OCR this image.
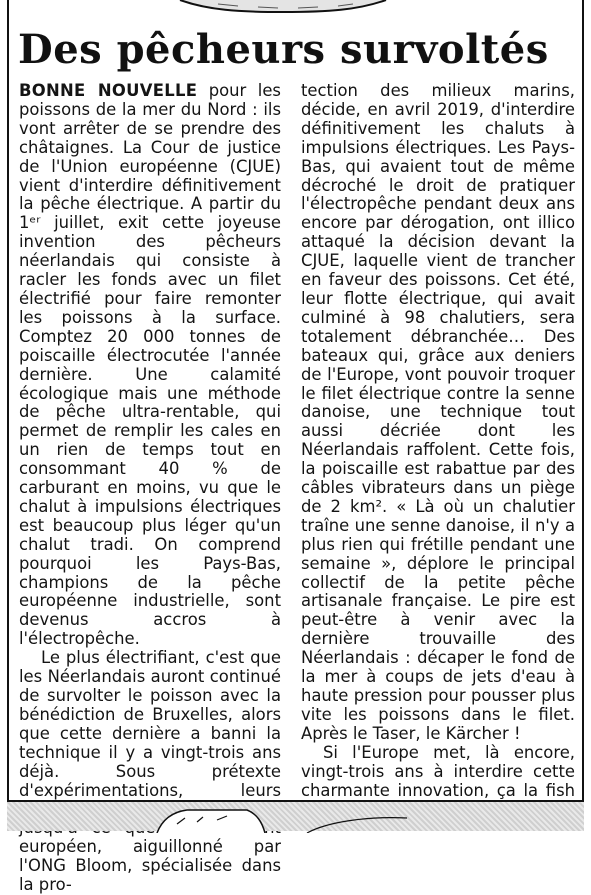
Des pêcheurs survoltés

BONNE NOUVELLE pour les poissons de la mer du Nord : ils vont arrêter de se prendre des châtaignes. La Cour de justice de l'Union européenne (CJUE) vient d'interdire définitivement la pêche électrique. A partir du 1ᵉʳ juillet, exit cette joyeuse invention des pêcheurs néerlandais qui consiste à racler les fonds avec un filet électrifié pour faire remonter les poissons à la surface. Comptez 20 000 tonnes de poiscaille électrocutée l'année dernière. Une calamité écologique mais une méthode de pêche ultra-rentable, qui permet de remplir les cales en un rien de temps tout en consommant 40 % de carburant en moins, vu que le chalut à impulsions électriques est beaucoup plus léger qu'un chalut tradi. On comprend pourquoi les Pays-Bas, champions de la pêche européenne industrielle, sont devenus accros à l'électropêche.

Le plus électrifiant, c'est que les Néerlandais auront continué de survolter le poisson avec la bénédiction de Bruxelles, alors que cette dernière a banni la technique il y a vingt-trois ans déjà. Sous prétexte d'expérimentations, leurs européen, aiguillonné par l'ONG Bloom, spécialisée dans la pro-

tection des milieux marins, décide, en avril 2019, d'interdire définitivement les chaluts à impulsions électriques. Les Pays-Bas, qui avaient tout de même décroché le droit de pratiquer l'électropêche pendant deux ans encore par dérogation, ont illico attaqué la décision devant la CJUE, laquelle vient de trancher en faveur des poissons. Cet été, leur flotte électrique, qui avait culminé à 98 chalutiers, sera totalement débranchée… Des bateaux qui, grâce aux deniers de l'Europe, vont pouvoir troquer le filet électrique contre la senne danoise, une technique tout aussi décriée dont les Néerlandais raffolent. Cette fois, la poiscaille est rabattue par des câbles vibrateurs dans un piège de 2 km². « Là où un chalutier traîne une senne danoise, il n'y a plus rien qui frétille pendant une semaine », déplore le principal collectif de la petite pêche artisanale française. Le pire est peut-être à venir avec la dernière trouvaille des Néerlandais : décaper le fond de la mer à coups de jets d'eau à haute pression pour pousser plus vite les poissons dans le filet. Après le Taser, le Kärcher !

Si l'Europe met, là encore, vingt-trois ans à interdire cette charmante innovation, ça la fish
